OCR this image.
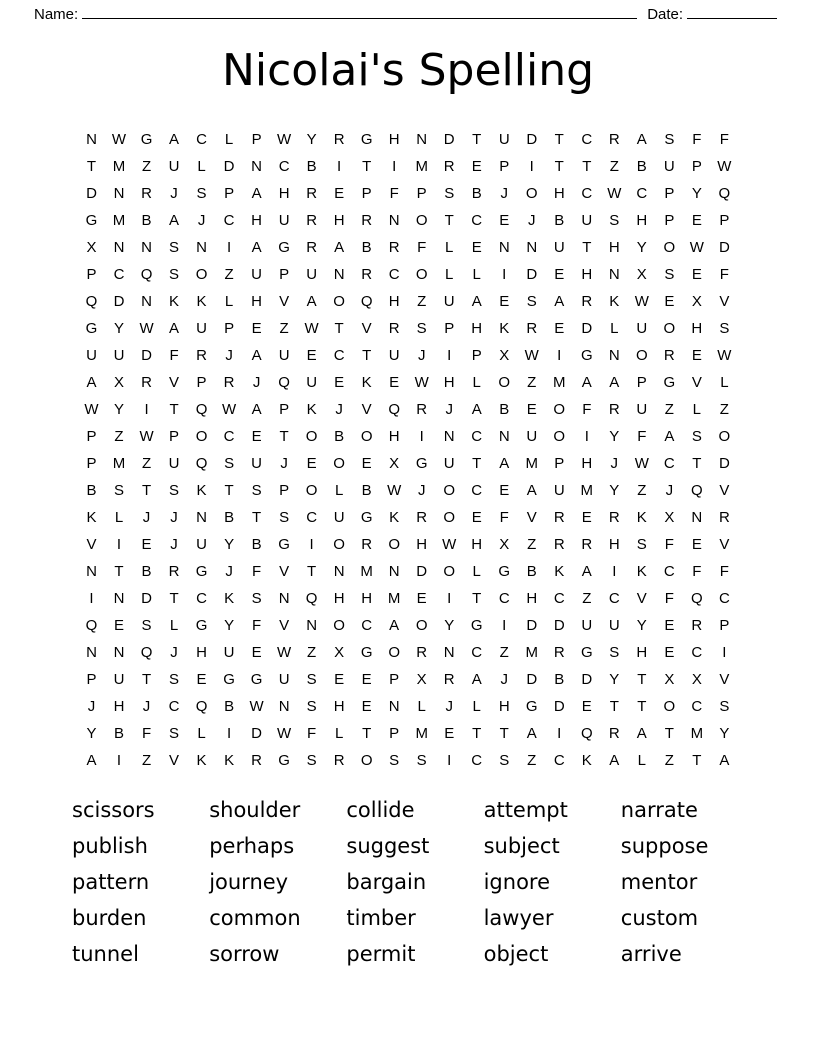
Name:	Date:
Nicolai's Spelling
N	W G	A	C	L	P	W	Y	R	G	H	N	D	T	U	D	T	C	R	A	S	F	F
T	M	Z	U	L	D	N	C	B	I	T	I	M	R	E	P	I	T	T	Z	B	U	P	W
D	N	R	J	S	P	A	H	R	E	P	F	P	S	B	J	O	H	C	W	C	P	Y	Q
G	M	B	A	J	C	H	U	R	H	R	N	O	T	C	E	J	B	U	S	H	P	E	P
X	N	N	S	N	I	A	G	R	A	B	R	F	L	E	N	N	U	T	H	Y	O W	D
P	C	Q	S	O	Z	U	P	U	N	R	C	O	L	L	I	D	E	H	N	X	S	E	F
Q	D	N	K	K	L	H	V	A	O	Q	H	Z	U	A	E	S	A	R	K	W	E	X	V
G	Y	W	A	U	P	E	Z	W	T	V	R	S	P	H	K	R	E	D	L	U	O	H	S
U	U	D	F	R	J	A	U	E	C	T	U	J	I	P	X	W	I	G	N	O	R	E	W
A	X	R	V	P	R	J	Q	U	E	K	E	W	H	L	O	Z	M	A	A	P	G	V	L
W	Y	I	T	Q W	A	P	K	J	V	Q	R	J	A	B	E	O	F	R	U	Z	L	Z
P	Z	W	P	O	C	E	T	O	B	O	H	I	N	C	N	U	O	I	Y	F	A	S	O
P	M	Z	U	Q	S	U	J	E	O	E	X	G	U	T	A	M	P	H	J	W	C	T	D
B	S	T	S	K	T	S	P	O	L	B	W	J	O	C	E	A	U	M	Y	Z	J	Q	V
K	L	J	J	N	B	T	S	C	U	G	K	R	O	E	F	V	R	E	R	K	X	N	R
V	I	E	J	U	Y	B	G	I	O	R	O	H	W	H	X	Z	R	R	H	S	F	E	V
N	T	B	R	G	J	F	V	T	N	M	N	D	O	L	G	B	K	A	I	K	C	F	F
I	N	D	T	C	K	S	N	Q	H	H	M	E	I	T	C	H	C	Z	C	V	F	Q	C
Q	E	S	L	G	Y	F	V	N	O	C	A	O	Y	G	I	D	D	U	U	Y	E	R	P
N	N	Q	J	H	U	E	W	Z	X	G	O	R	N	C	Z	M	R	G	S	H	E	C	I
P	U	T	S	E	G	G	U	S	E	E	P	X	R	A	J	D	B	D	Y	T	X	X	V
J	H	J	C	Q	B	W	N	S	H	E	N	L	J	L	H	G	D	E	T	T	O	C	S
Y	B	F	S	L	I	D	W	F	L	T	P	M	E	T	T	A	I	Q	R	A	T	M	Y
A	I	Z	V	K	K	R	G	S	R	O	S	S	I	C	S	Z	C	K	A	L	Z	T	A
scissors	shoulder	collide	attempt	narrate
publish	perhaps	suggest	subject	suppose
pattern	journey	bargain	ignore	mentor
burden	common	timber	lawyer	custom
tunnel	sorrow	permit	object	arrive
